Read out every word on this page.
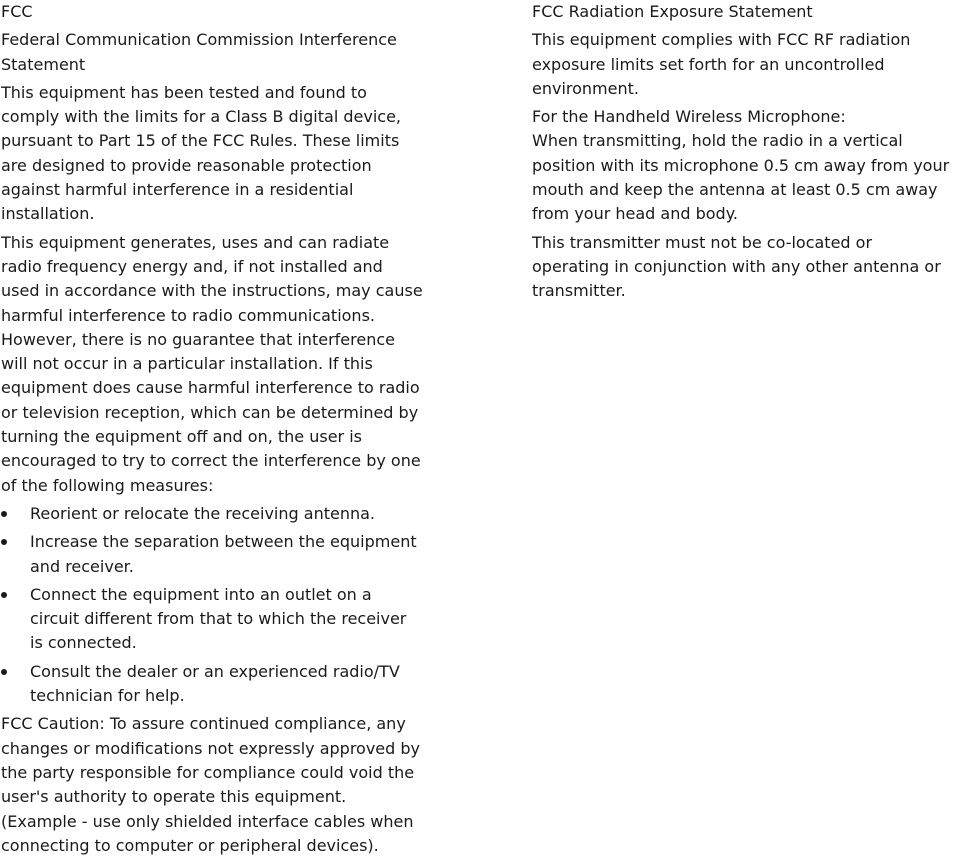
FCC
Federal Communication Commission Interference
Statement
This equipment has been tested and found to
comply with the limits for a Class B digital device,
pursuant to Part 15 of the FCC Rules. These limits
are designed to provide reasonable protection
against harmful interference in a residential
installation.
This equipment generates, uses and can radiate
radio frequency energy and, if not installed and
used in accordance with the instructions, may cause
harmful interference to radio communications.
However, there is no guarantee that interference
will not occur in a particular installation. If this
equipment does cause harmful interference to radio
or television reception, which can be determined by
turning the equipment off and on, the user is
encouraged to try to correct the interference by one
of the following measures:
Reorient or relocate the receiving antenna.
Increase the separation between the equipment
and receiver.
Connect the equipment into an outlet on a
circuit different from that to which the receiver
is connected.
Consult the dealer or an experienced radio/TV
technician for help.
FCC Caution: To assure continued compliance, any
changes or modifications not expressly approved by
the party responsible for compliance could void the
user's authority to operate this equipment.
(Example - use only shielded interface cables when
connecting to computer or peripheral devices).
FCC Radiation Exposure Statement
This equipment complies with FCC RF radiation
exposure limits set forth for an uncontrolled
environment.
For the Handheld Wireless Microphone:
When transmitting, hold the radio in a vertical
position with its microphone 0.5 cm away from your
mouth and keep the antenna at least 0.5 cm away
from your head and body.
This transmitter must not be co-located or
operating in conjunction with any other antenna or
transmitter.
